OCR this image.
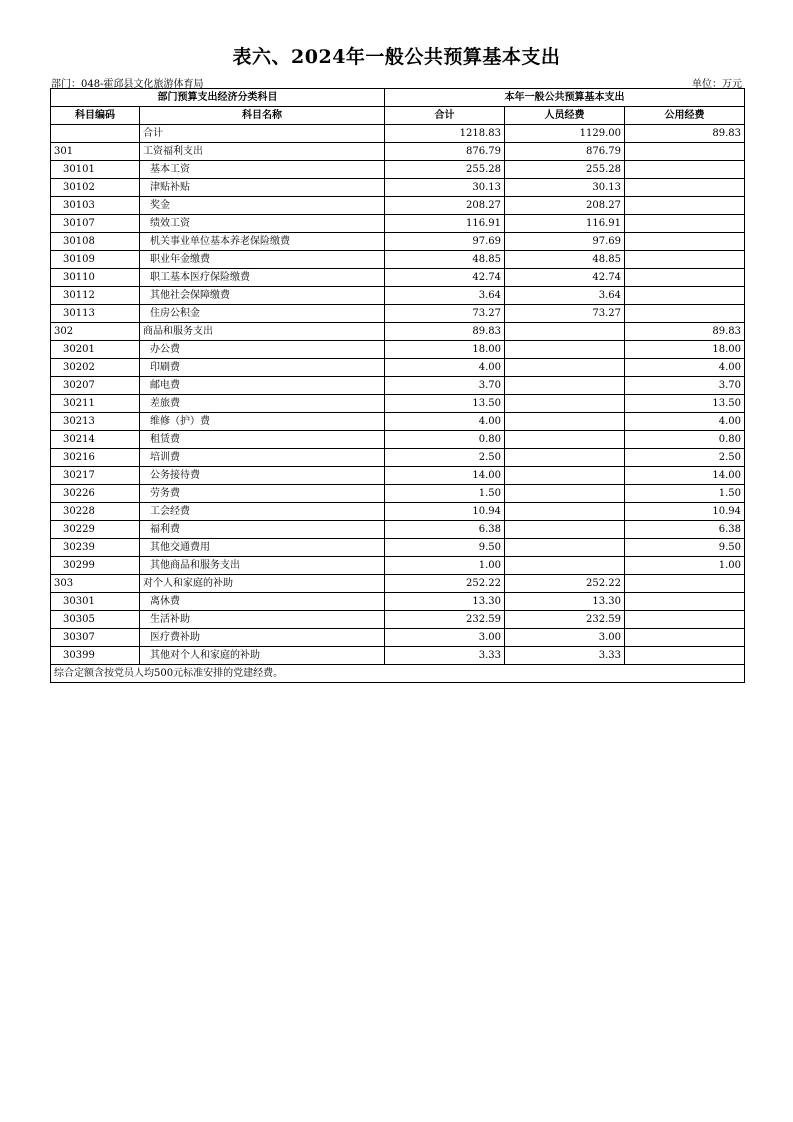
表六、2024年一般公共预算基本支出
部门：048-霍邱县文化旅游体育局	单位：万元
部门预算支出经济分类科目		本年一般公共预算基本支出		
科目编码	科目名称	合计	人员经费	公用经费
	合计	1218.83	1129.00	89.83
301	工资福利支出	876.79	876.79	
30101	基本工资	255.28	255.28	
30102	津贴补贴	30.13	30.13	
30103	奖金	208.27	208.27	
30107	绩效工资	116.91	116.91	
30108	机关事业单位基本养老保险缴费	97.69	97.69	
30109	职业年金缴费	48.85	48.85	
30110	职工基本医疗保险缴费	42.74	42.74	
30112	其他社会保障缴费	3.64	3.64	
30113	住房公积金	73.27	73.27	
302	商品和服务支出	89.83		89.83
30201	办公费	18.00		18.00
30202	印刷费	4.00		4.00
30207	邮电费	3.70		3.70
30211	差旅费	13.50		13.50
30213	维修（护）费	4.00		4.00
30214	租赁费	0.80		0.80
30216	培训费	2.50		2.50
30217	公务接待费	14.00		14.00
30226	劳务费	1.50		1.50
30228	工会经费	10.94		10.94
30229	福利费	6.38		6.38
30239	其他交通费用	9.50		9.50
30299	其他商品和服务支出	1.00		1.00
303	对个人和家庭的补助	252.22	252.22	
30301	离休费	13.30	13.30	
30305	生活补助	232.59	232.59	
30307	医疗费补助	3.00	3.00	
30399	其他对个人和家庭的补助	3.33	3.33	
综合定额含按党员人均500元标准安排的党建经费。				
